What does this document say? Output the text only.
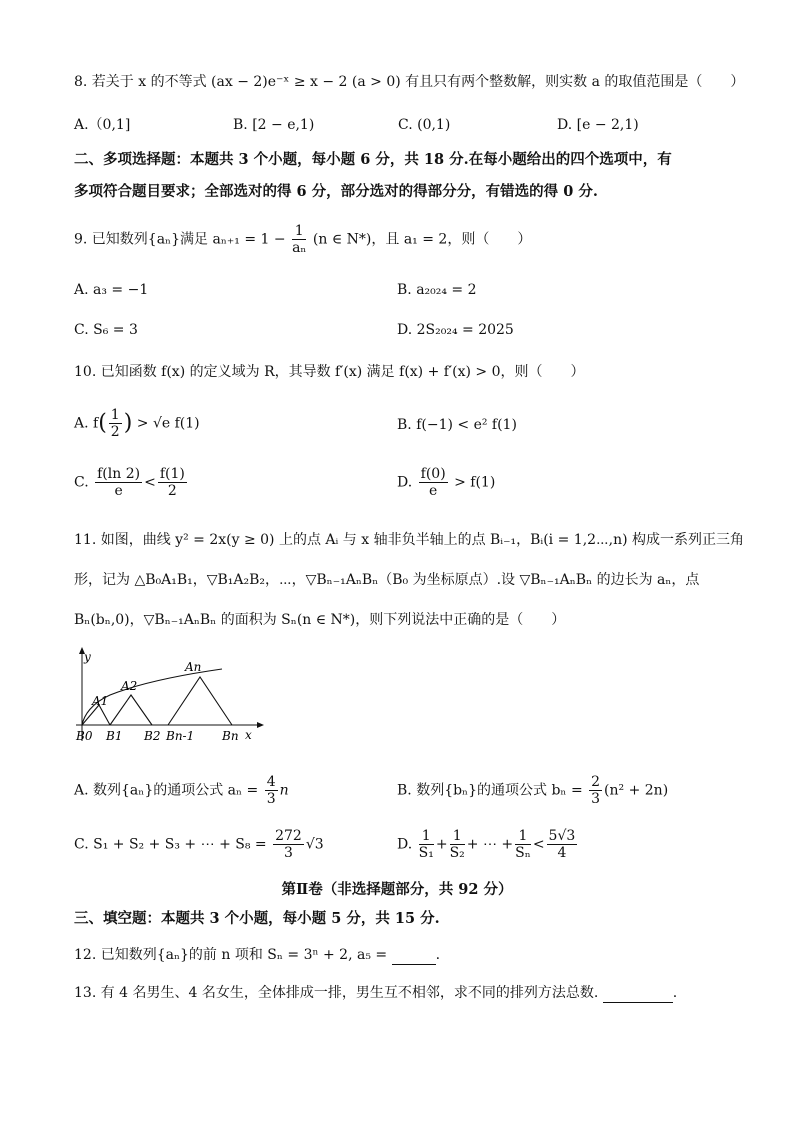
8. 若关于 x 的不等式 (ax − 2)e⁻ˣ ≥ x − 2 (a > 0) 有且只有两个整数解，则实数 a 的取值范围是（　　）
A.（0,1]	B. [2 − e,1)	C. (0,1)	D. [e − 2,1)
二、多项选择题：本题共 3 个小题，每小题 6 分，共 18 分.在每小题给出的四个选项中，有
多项符合题目要求；全部选对的得 6 分，部分选对的得部分分，有错选的得 0 分.
9. 已知数列{aₙ}满足 $a_{n+1} = 1 - \frac{1}{\text{aₙ}} (n$ ∈ N*)，且 a₁ = 2，则（　　）
A. a₃ = −1	B. a₂₀₂₄ = 2
C. S₆ = 3	D. 2S₂₀₂₄ = 2025
10. 已知函数 f(x) 的定义域为 R，其导数 f′(x) 满足 f(x) + f′(x) > 0，则（　　）
A. $f( \frac{1}{2}$ ) > √e f(1)	B. f(−1) < e² f(1)
C. $\frac{f(\ln 2)}{e} < \frac{f(1)}{2}$	D. $\frac{f(0)}{e} > f(1)$
11. 如图，曲线 y² = 2x(y ≥ 0) 上的点 Aᵢ 与 x 轴非负半轴上的点 Bᵢ₋₁，Bᵢ(i = 1,2⋯,n) 构成一系列正三角
形，记为 △B₀A₁B₁，▽B₁A₂B₂，⋯，▽Bₙ₋₁AₙBₙ（B₀ 为坐标原点）.设 ▽Bₙ₋₁AₙBₙ 的边长为 aₙ，点
Bₙ(bₙ,0)，▽Bₙ₋₁AₙBₙ 的面积为 Sₙ(n ∈ N*)，则下列说法中正确的是（　　）
y
x
A1
A2
An
B0 B1 B2 Bn-1 Bn
A. 数列{aₙ}的通项公式 $a_n = \frac{4}{3}$ n	B. 数列{bₙ}的通项公式 $b_n = \frac{2}{3} (n^2 + 2n)$
C. S₁ + S₂ + S₃ + ⋯ + $S_8 = \frac{272}{3} √3$	D. $\frac{1}{\text{S₁}} + \frac{1}{\text{S₂}}$ + ⋯ + $\frac{1}{\text{Sₙ}} < \frac{5√3}{4}$
第Ⅱ卷（非选择题部分，共 92 分）
三、填空题：本题共 3 个小题，每小题 5 分，共 15 分.
12. 已知数列{aₙ}的前 n 项和 Sₙ = 3ⁿ + 2, a₅ =	.
13. 有 4 名男生、4 名女生，全体排成一排，男生互不相邻，求不同的排列方法总数.	.
